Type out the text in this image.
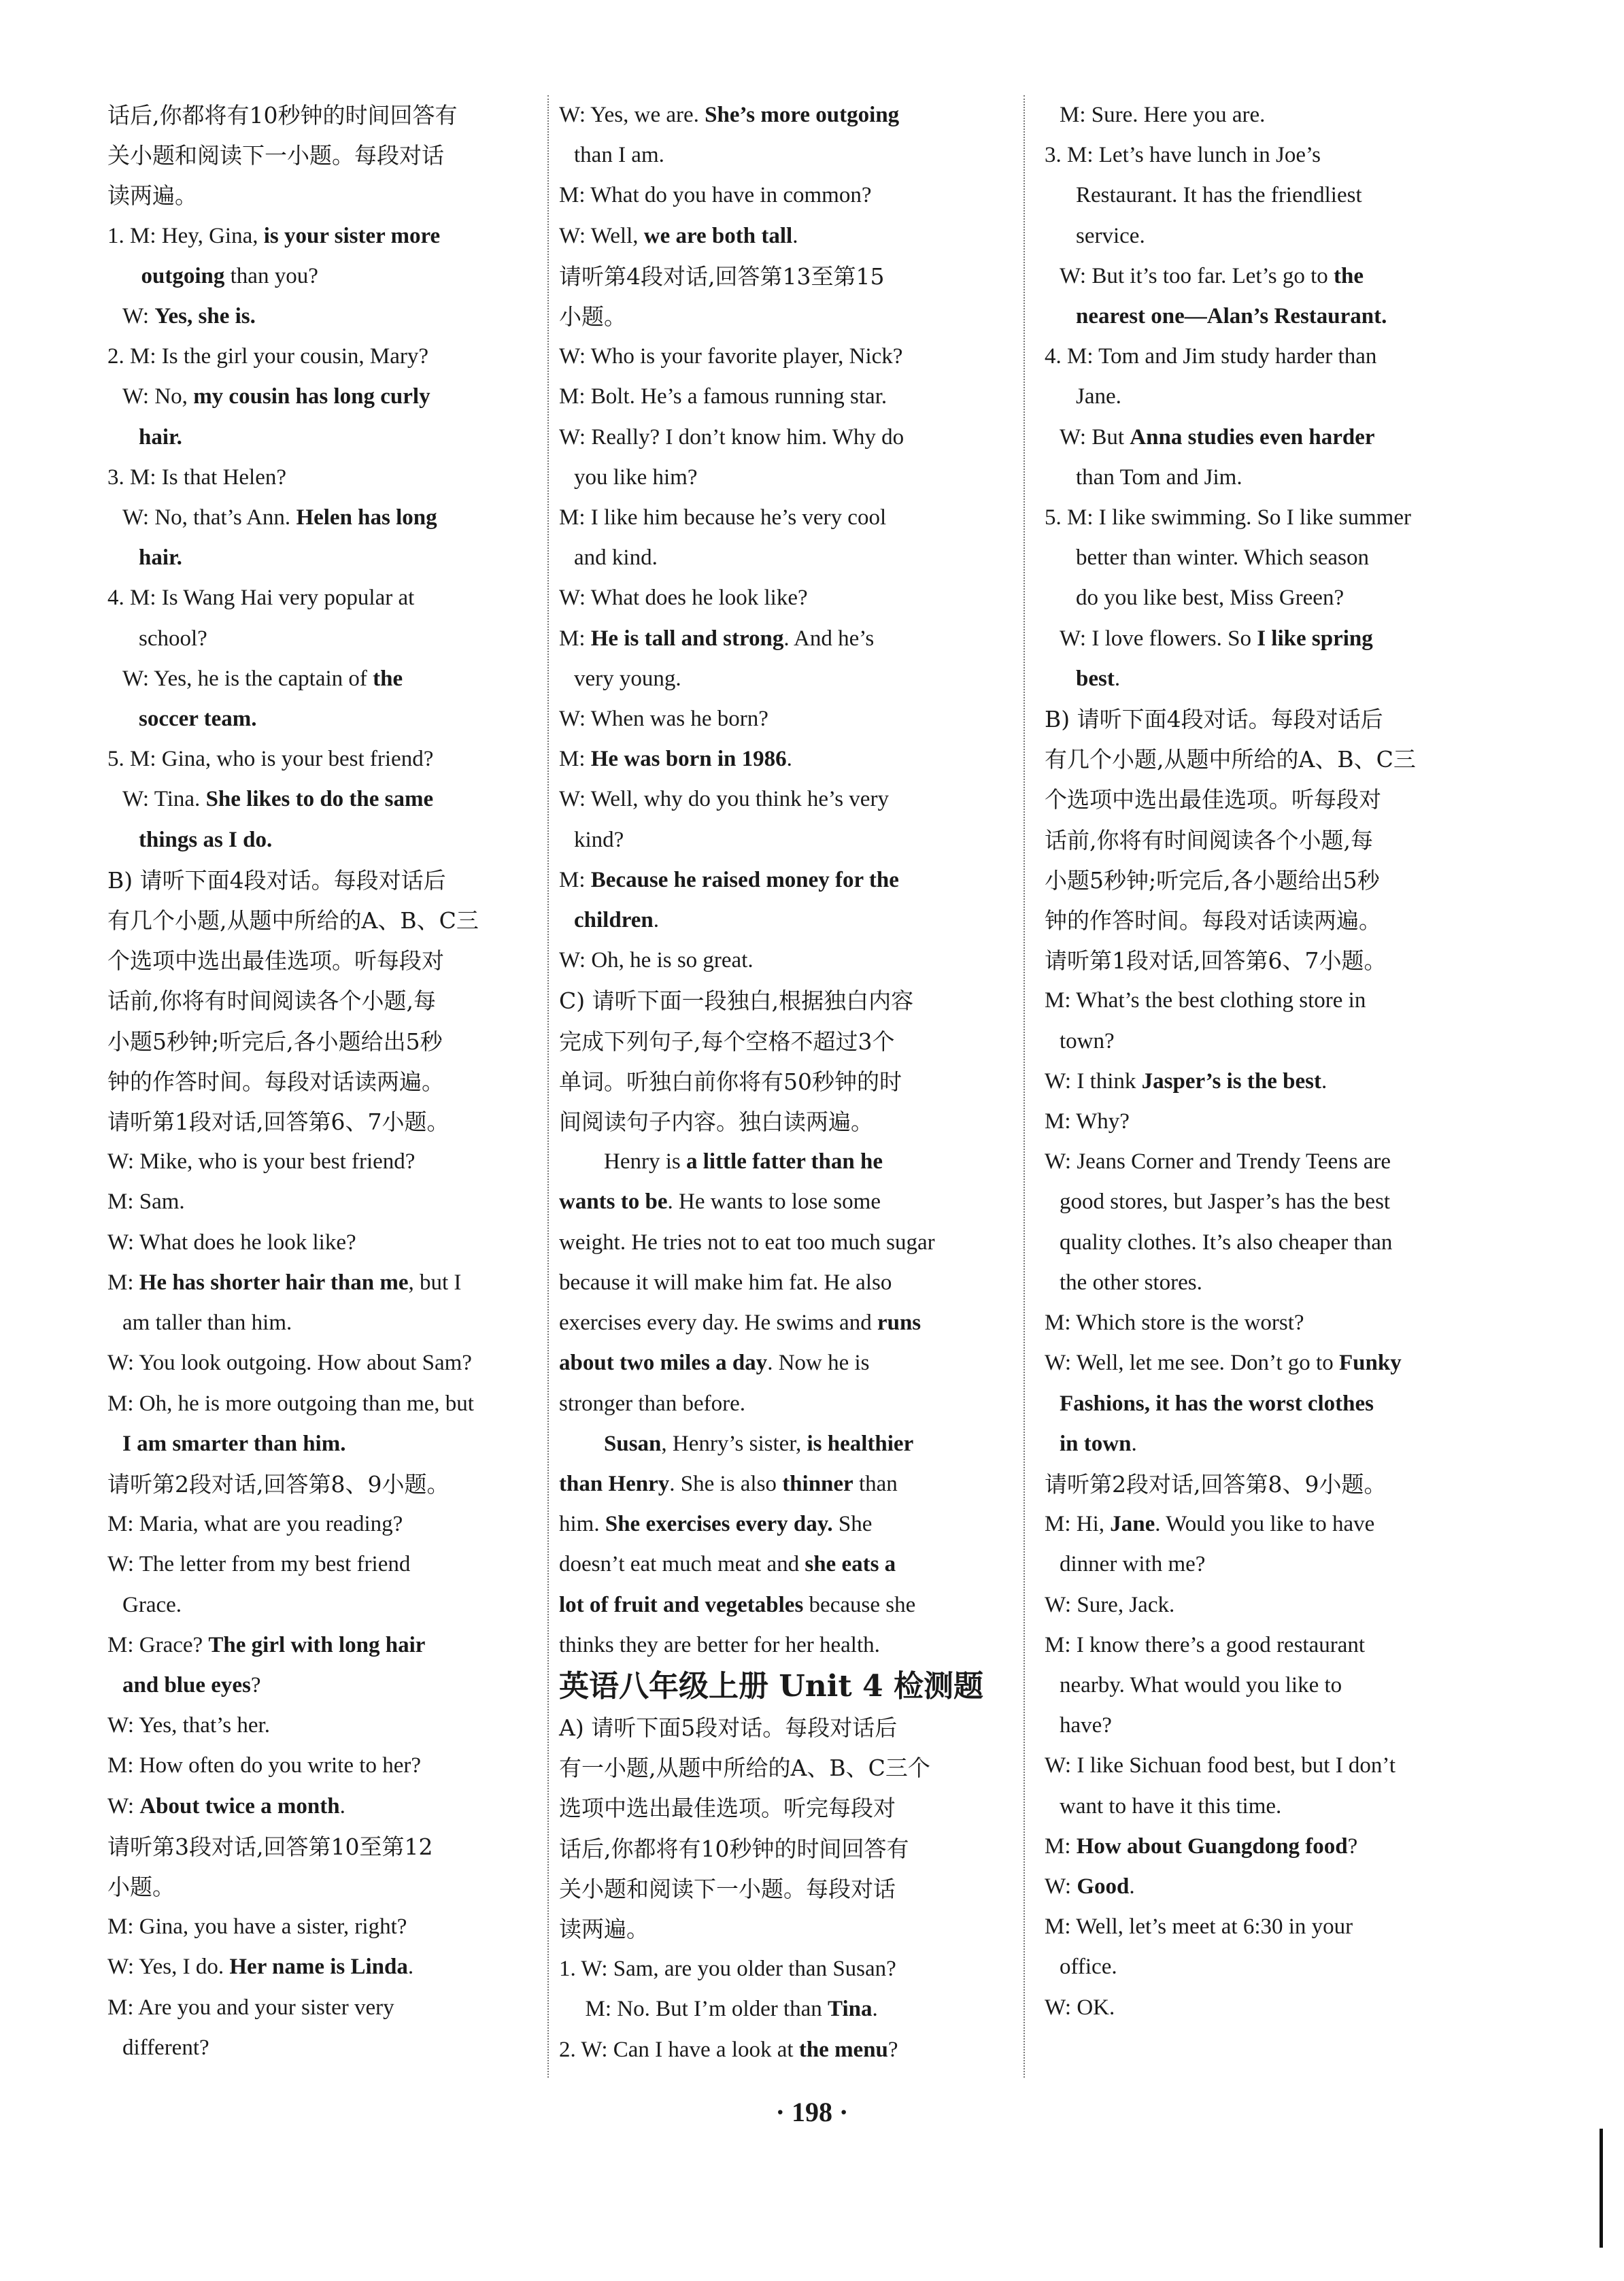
话后,你都将有10秒钟的时间回答有
关小题和阅读下一小题。每段对话
读两遍。
1. M: Hey, Gina, is your sister more
outgoing than you?
W: Yes, she is.
2. M: Is the girl your cousin, Mary?
W: No, my cousin has long curly
hair.
3. M: Is that Helen?
W: No, that’s Ann. Helen has long
hair.
4. M: Is Wang Hai very popular at
school?
W: Yes, he is the captain of the
soccer team.
5. M: Gina, who is your best friend?
W: Tina. She likes to do the same
things as I do.
B) 请听下面4段对话。每段对话后
有几个小题,从题中所给的A、B、C三
个选项中选出最佳选项。听每段对
话前,你将有时间阅读各个小题,每
小题5秒钟;听完后,各小题给出5秒
钟的作答时间。每段对话读两遍。
请听第1段对话,回答第6、7小题。
W: Mike, who is your best friend?
M: Sam.
W: What does he look like?
M: He has shorter hair than me, but I
am taller than him.
W: You look outgoing. How about Sam?
M: Oh, he is more outgoing than me, but
I am smarter than him.
请听第2段对话,回答第8、9小题。
M: Maria, what are you reading?
W: The letter from my best friend
Grace.
M: Grace? The girl with long hair
and blue eyes?
W: Yes, that’s her.
M: How often do you write to her?
W: About twice a month.
请听第3段对话,回答第10至第12
小题。
M: Gina, you have a sister, right?
W: Yes, I do. Her name is Linda.
M: Are you and your sister very
different?
W: Yes, we are. She’s more outgoing
than I am.
M: What do you have in common?
W: Well, we are both tall.
请听第4段对话,回答第13至第15
小题。
W: Who is your favorite player, Nick?
M: Bolt. He’s a famous running star.
W: Really? I don’t know him. Why do
you like him?
M: I like him because he’s very cool
and kind.
W: What does he look like?
M: He is tall and strong. And he’s
very young.
W: When was he born?
M: He was born in 1986.
W: Well, why do you think he’s very
kind?
M: Because he raised money for the
children.
W: Oh, he is so great.
C) 请听下面一段独白,根据独白内容
完成下列句子,每个空格不超过3个
单词。听独白前你将有50秒钟的时
间阅读句子内容。独白读两遍。
Henry is a little fatter than he
wants to be. He wants to lose some
weight. He tries not to eat too much sugar
because it will make him fat. He also
exercises every day. He swims and runs
about two miles a day. Now he is
stronger than before.
Susan, Henry’s sister, is healthier
than Henry. She is also thinner than
him. She exercises every day. She
doesn’t eat much meat and she eats a
lot of fruit and vegetables because she
thinks they are better for her health.
英语八年级上册 Unit 4 检测题
A) 请听下面5段对话。每段对话后
有一小题,从题中所给的A、B、C三个
选项中选出最佳选项。听完每段对
话后,你都将有10秒钟的时间回答有
关小题和阅读下一小题。每段对话
读两遍。
1. W: Sam, are you older than Susan?
M: No. But I’m older than Tina.
2. W: Can I have a look at the menu?
M: Sure. Here you are.
3. M: Let’s have lunch in Joe’s
Restaurant. It has the friendliest
service.
W: But it’s too far. Let’s go to the
nearest one—Alan’s Restaurant.
4. M: Tom and Jim study harder than
Jane.
W: But Anna studies even harder
than Tom and Jim.
5. M: I like swimming. So I like summer
better than winter. Which season
do you like best, Miss Green?
W: I love flowers. So I like spring
best.
B) 请听下面4段对话。每段对话后
有几个小题,从题中所给的A、B、C三
个选项中选出最佳选项。听每段对
话前,你将有时间阅读各个小题,每
小题5秒钟;听完后,各小题给出5秒
钟的作答时间。每段对话读两遍。
请听第1段对话,回答第6、7小题。
M: What’s the best clothing store in
town?
W: I think Jasper’s is the best.
M: Why?
W: Jeans Corner and Trendy Teens are
good stores, but Jasper’s has the best
quality clothes. It’s also cheaper than
the other stores.
M: Which store is the worst?
W: Well, let me see. Don’t go to Funky
Fashions, it has the worst clothes
in town.
请听第2段对话,回答第8、9小题。
M: Hi, Jane. Would you like to have
dinner with me?
W: Sure, Jack.
M: I know there’s a good restaurant
nearby. What would you like to
have?
W: I like Sichuan food best, but I don’t
want to have it this time.
M: How about Guangdong food?
W: Good.
M: Well, let’s meet at 6:30 in your
office.
W: OK.
· 198 ·
